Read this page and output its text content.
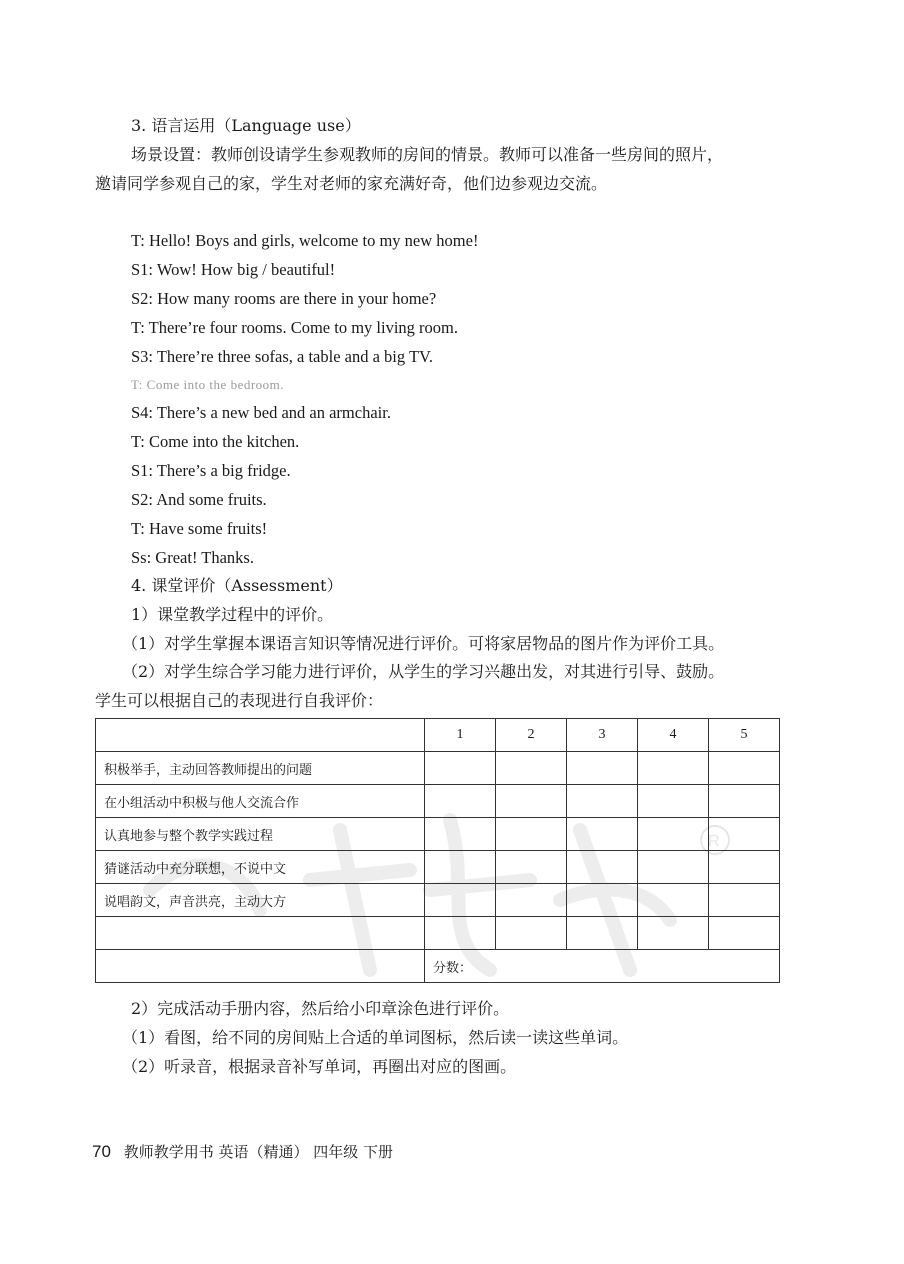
R
3. 语言运用（Language use）
场景设置：教师创设请学生参观教师的房间的情景。教师可以准备一些房间的照片，
邀请同学参观自己的家，学生对老师的家充满好奇，他们边参观边交流。
T: Hello! Boys and girls, welcome to my new home!
S1: Wow! How big / beautiful!
S2: How many rooms are there in your home?
T: There’re four rooms. Come to my living room.
S3: There’re three sofas, a table and a big TV.
T: Come into the bedroom.
S4: There’s a new bed and an armchair.
T: Come into the kitchen.
S1: There’s a big fridge.
S2: And some fruits.
T: Have some fruits!
Ss: Great! Thanks.
4. 课堂评价（Assessment）
1）课堂教学过程中的评价。
（1）对学生掌握本课语言知识等情况进行评价。可将家居物品的图片作为评价工具。
（2）对学生综合学习能力进行评价，从学生的学习兴趣出发，对其进行引导、鼓励。
学生可以根据自己的表现进行自我评价：
	1	2	3	4	5
积极举手，主动回答教师提出的问题					
在小组活动中积极与他人交流合作					
认真地参与整个教学实践过程					
猜谜活动中充分联想，不说中文					
说唱韵文，声音洪亮，主动大方					

	分数：				
2）完成活动手册内容，然后给小印章涂色进行评价。
（1）看图，给不同的房间贴上合适的单词图标，然后读一读这些单词。
（2）听录音，根据录音补写单词，再圈出对应的图画。
70 教师教学用书 英语（精通） 四年级 下册
